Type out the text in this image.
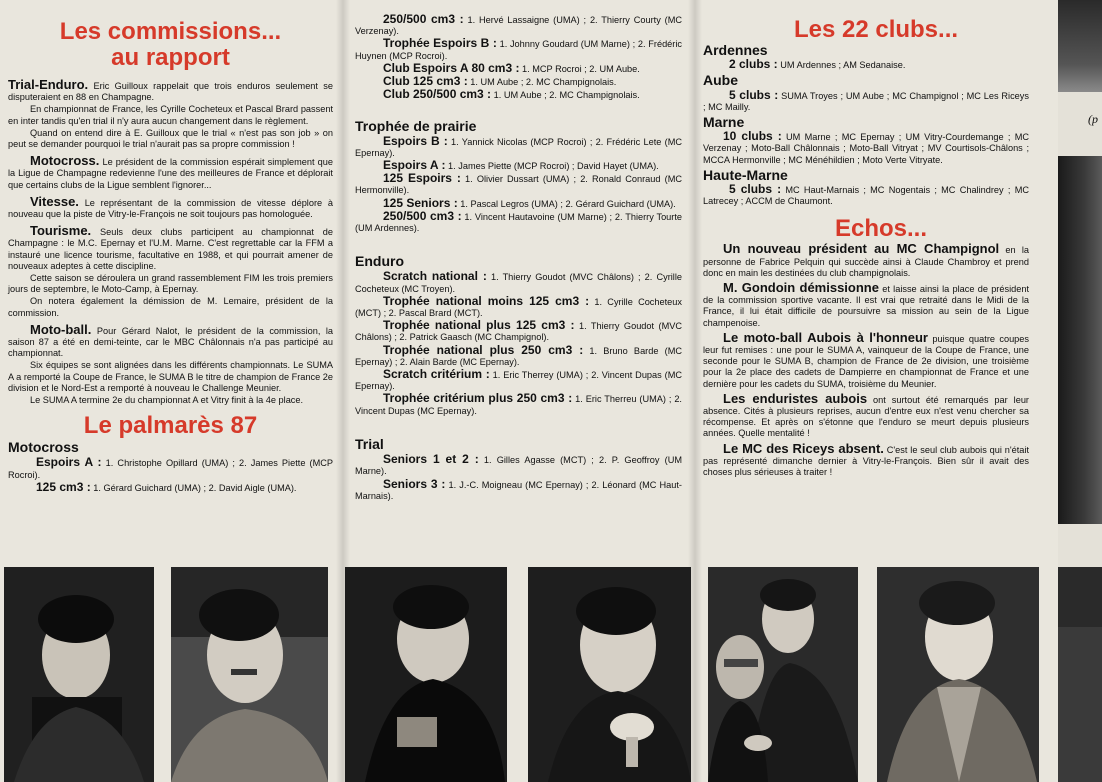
Les commissions...
au rapport

Trial-Enduro. Eric Guilloux rappelait que trois enduros seulement se disputeraient en 88 en Champagne.

En championnat de France, les Cyrille Cocheteux et Pascal Brard passent en inter tandis qu'en trial il n'y aura aucun changement dans le règlement.

Quand on entend dire à E. Guilloux que le trial « n'est pas son job » on peut se demander pourquoi le trial n'aurait pas sa propre commission !

Motocross. Le président de la commission espérait simplement que la Ligue de Champagne redevienne l'une des meilleures de France et déplorait que certains clubs de la Ligue semblent l'ignorer...

Vitesse. Le représentant de la commission de vitesse déplore à nouveau que la piste de Vitry-le-François ne soit toujours pas homologuée.

Tourisme. Seuls deux clubs participent au championnat de Champagne : le M.C. Epernay et l'U.M. Marne. C'est regrettable car la FFM a instauré une licence tourisme, facultative en 1988, et qui pourrait amener de nouveaux adeptes à cette discipline.

Cette saison se déroulera un grand rassemblement FIM les trois premiers jours de septembre, le Moto-Camp, à Epernay.

On notera également la démission de M. Lemaire, président de la commission.

Moto-ball. Pour Gérard Nalot, le président de la commission, la saison 87 a été en demi-teinte, car le MBC Châlonnais n'a pas participé au championnat.

Six équipes se sont alignées dans les différents championnats. Le SUMA A a remporté la Coupe de France, le SUMA B le titre de champion de France 2e division et le Nord-Est a remporté à nouveau le Challenge Meunier.

Le SUMA A termine 2e du championnat A et Vitry finit à la 4e place.

Le palmarès 87
Motocross

Espoirs A : 1. Christophe Opillard (UMA) ; 2. James Piette (MCP Rocroi).

125 cm3 : 1. Gérard Guichard (UMA) ; 2. David Aigle (UMA).

250/500 cm3 : 1. Hervé Lassaigne (UMA) ; 2. Thierry Courty (MC Verzenay).

Trophée Espoirs B : 1. Johnny Goudard (UM Marne) ; 2. Frédéric Huynen (MCP Rocroi).

Club Espoirs A 80 cm3 : 1. MCP Rocroi ; 2. UM Aube.

Club 125 cm3 : 1. UM Aube ; 2. MC Champignolais.

Club 250/500 cm3 : 1. UM Aube ; 2. MC Champignolais.

Trophée de prairie

Espoirs B : 1. Yannick Nicolas (MCP Rocroi) ; 2. Frédéric Lete (MC Epernay).

Espoirs A : 1. James Piette (MCP Rocroi) ; David Hayet (UMA).

125 Espoirs : 1. Olivier Dussart (UMA) ; 2. Ronald Conraud (MC Hermonville).

125 Seniors : 1. Pascal Legros (UMA) ; 2. Gérard Guichard (UMA).

250/500 cm3 : 1. Vincent Hautavoine (UM Marne) ; 2. Thierry Tourte (UM Ardennes).

Enduro

Scratch national : 1. Thierry Goudot (MVC Châlons) ; 2. Cyrille Cocheteux (MC Troyen).

Trophée national moins 125 cm3 : 1. Cyrille Cocheteux (MCT) ; 2. Pascal Brard (MCT).

Trophée national plus 125 cm3 : 1. Thierry Goudot (MVC Châlons) ; 2. Patrick Gaasch (MC Champignol).

Trophée national plus 250 cm3 : 1. Bruno Barde (MC Epernay) ; 2. Alain Barde (MC Epernay).

Scratch critérium : 1. Eric Therrey (UMA) ; 2. Vincent Dupas (MC Epernay).

Trophée critérium plus 250 cm3 : 1. Eric Therreu (UMA) ; 2. Vincent Dupas (MC Epernay).

Trial

Seniors 1 et 2 : 1. Gilles Agasse (MCT) ; 2. P. Geoffroy (UM Marne).

Seniors 3 : 1. J.-C. Moigneau (MC Epernay) ; 2. Léonard (MC Haut-Marnais).

Les 22 clubs...
Ardennes

2 clubs : UM Ardennes ; AM Sedanaise.

Aube

5 clubs : SUMA Troyes ; UM Aube ; MC Champignol ; MC Les Riceys ; MC Mailly.

Marne

10 clubs : UM Marne ; MC Epernay ; UM Vitry-Courdemange ; MC Verzenay ; Moto-Ball Châlonnais ; Moto-Ball Vitryat ; MV Courtisols-Châlons ; MCCA Hermonville ; MC Ménéhildien ; Moto Verte Vitryate.

Haute-Marne

5 clubs : MC Haut-Marnais ; MC Nogentais ; MC Chalindrey ; MC Latrecey ; ACCM de Chaumont.

Echos...

Un nouveau président au MC Champignol en la personne de Fabrice Pelquin qui succède ainsi à Claude Chambroy et prend donc en main les destinées du club champignolais.

M. Gondoin démissionne et laisse ainsi la place de président de la commission sportive vacante. Il est vrai que retraité dans le Midi de la France, il lui était difficile de poursuivre sa mission au sein de la Ligue champenoise.

Le moto-ball Aubois à l'honneur puisque quatre coupes leur fut remises : une pour le SUMA A, vainqueur de la Coupe de France, une seconde pour le SUMA B, champion de France de 2e division, une troisième pour la 2e place des cadets de Dampierre en championnat de France et une dernière pour les cadets du SUMA, troisième du Meunier.

Les enduristes aubois ont surtout été remarqués par leur absence. Cités à plusieurs reprises, aucun d'entre eux n'est venu chercher sa récompense. Et après on s'étonne que l'enduro se meurt depuis plusieurs années. Quelle mentalité !

Le MC des Riceys absent. C'est le seul club aubois qui n'était pas représenté dimanche dernier à Vitry-le-François. Bien sûr il avait des choses plus sérieuses à traiter !

(p
